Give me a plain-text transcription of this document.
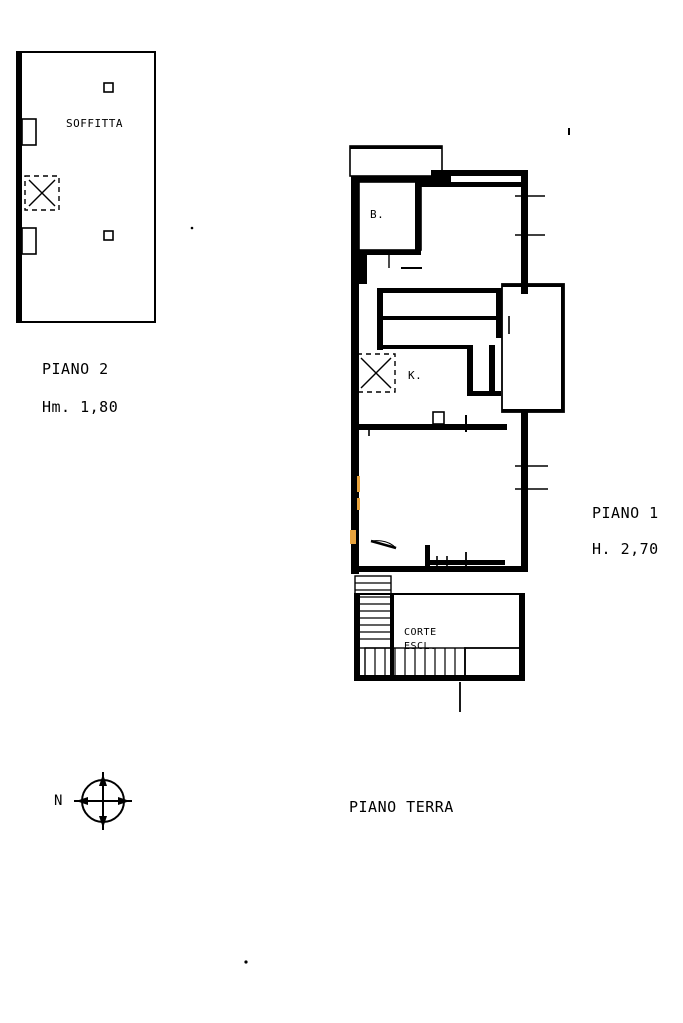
SOFFITTA
PIANO 2
Hm. 1,80
B.
K.
PIANO 1
H. 2,70
CORTE
ESCL.
PIANO TERRA
N
